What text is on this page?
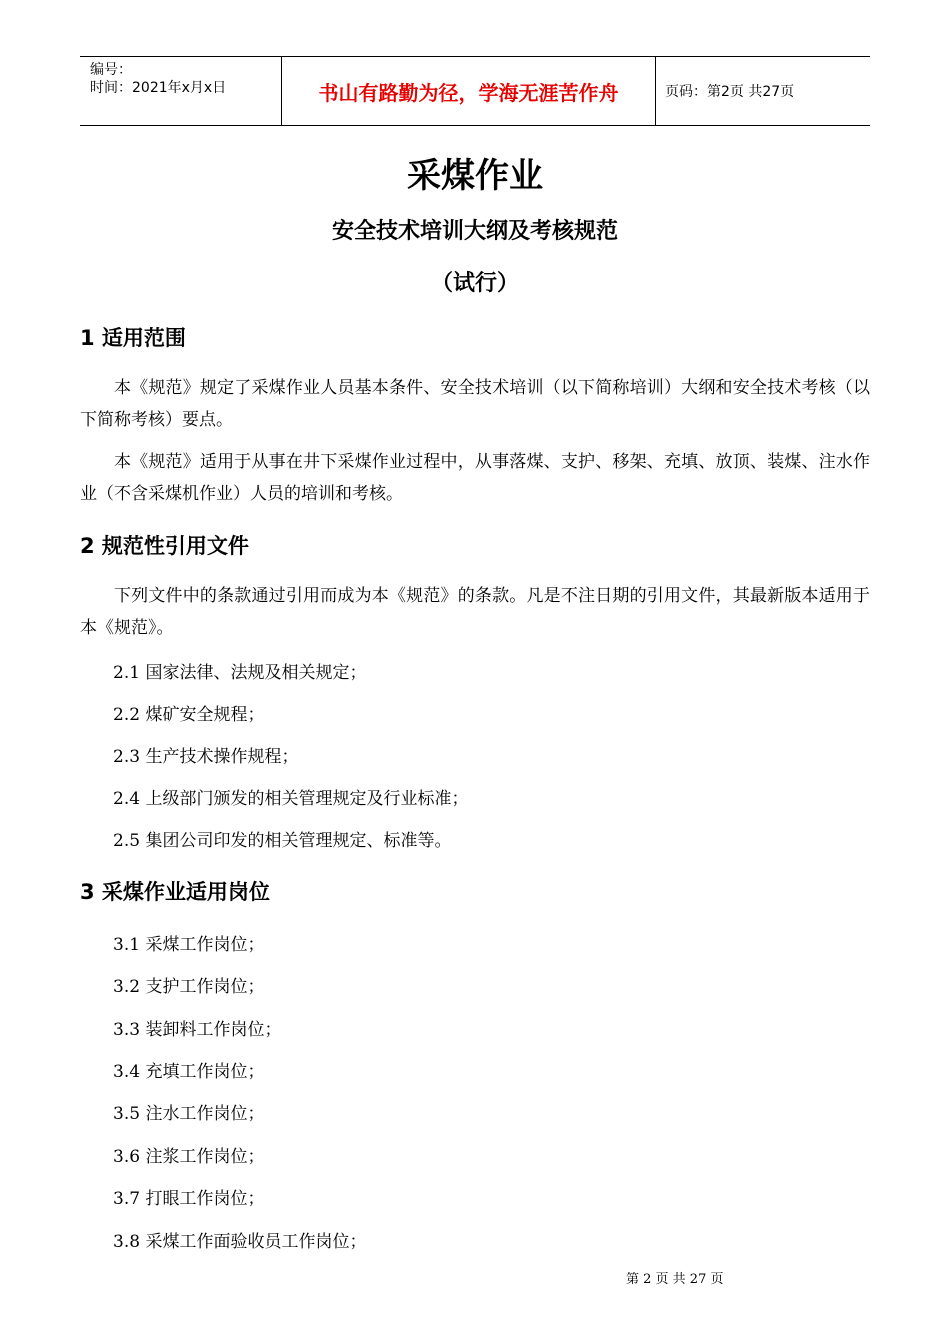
编号：
时间：2021年x月x日	书山有路勤为径，学海无涯苦作舟	页码：第2页 共27页
采煤作业
安全技术培训大纲及考核规范
（试行）
1 适用范围
本《规范》规定了采煤作业人员基本条件、安全技术培训（以下简称培训）大纲和安全技术考核（以下简称考核）要点。
本《规范》适用于从事在井下采煤作业过程中，从事落煤、支护、移架、充填、放顶、装煤、注水作业（不含采煤机作业）人员的培训和考核。
2 规范性引用文件
下列文件中的条款通过引用而成为本《规范》的条款。凡是不注日期的引用文件，其最新版本适用于本《规范》。
2.1 国家法律、法规及相关规定；
2.2 煤矿安全规程；
2.3 生产技术操作规程；
2.4 上级部门颁发的相关管理规定及行业标准；
2.5 集团公司印发的相关管理规定、标准等。
3 采煤作业适用岗位
3.1 采煤工作岗位；
3.2 支护工作岗位；
3.3 装卸料工作岗位；
3.4 充填工作岗位；
3.5 注水工作岗位；
3.6 注浆工作岗位；
3.7 打眼工作岗位；
3.8 采煤工作面验收员工作岗位；
第 2 页 共 27 页
